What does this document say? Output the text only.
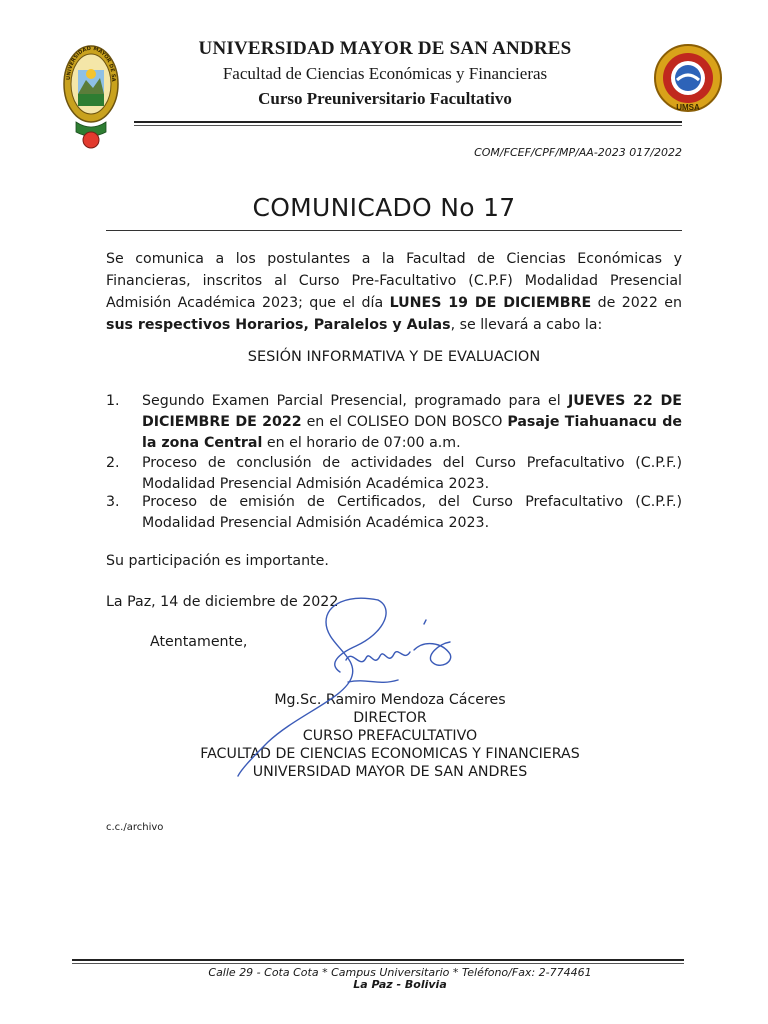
UNIVERSIDAD MAYOR DE SA
UMSA
UNIVERSIDAD MAYOR DE SAN ANDRES
Facultad de Ciencias Económicas y Financieras
Curso Preuniversitario Facultativo
COM/FCEF/CPF/MP/AA-2023 017/2022
COMUNICADO No 17
Se comunica a los postulantes a la Facultad de Ciencias Económicas y Financieras, inscritos al Curso Pre-Facultativo (C.P.F) Modalidad Presencial Admisión Académica 2023; que el día LUNES 19 DE DICIEMBRE de 2022 en sus respectivos Horarios, Paralelos y Aulas, se llevará a cabo la:
SESIÓN INFORMATIVA Y DE EVALUACION
1.	Segundo Examen Parcial Presencial, programado para el JUEVES 22 DE DICIEMBRE DE 2022 en el COLISEO DON BOSCO Pasaje Tiahuanacu de la zona Central en el horario de 07:00 a.m.
2.	Proceso de conclusión de actividades del Curso Prefacultativo (C.P.F.) Modalidad Presencial Admisión Académica 2023.
3.	Proceso de emisión de Certificados, del Curso Prefacultativo (C.P.F.) Modalidad Presencial Admisión Académica 2023.
Su participación es importante.
La Paz, 14 de diciembre de 2022
Atentamente,
Mg.Sc. Ramiro Mendoza Cáceres
DIRECTOR
CURSO PREFACULTATIVO
FACULTAD DE CIENCIAS ECONOMICAS Y FINANCIERAS
UNIVERSIDAD MAYOR DE SAN ANDRES
c.c./archivo
Calle 29 - Cota Cota * Campus Universitario * Teléfono/Fax: 2-774461
La Paz - Bolivia
